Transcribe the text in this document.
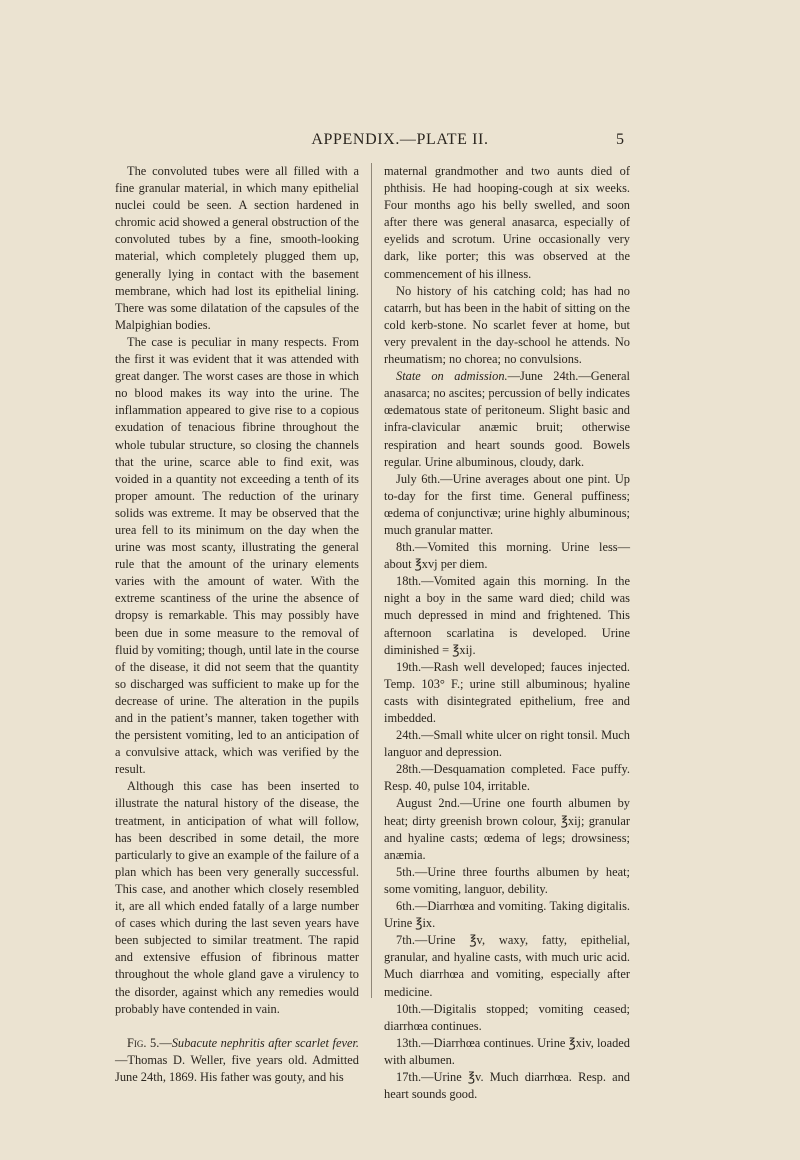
APPENDIX.—PLATE II.	5

The convoluted tubes were all filled with a fine granular material, in which many epithelial nuclei could be seen. A section hardened in chromic acid showed a general obstruction of the convoluted tubes by a fine, smooth-looking material, which completely plugged them up, generally lying in contact with the basement membrane, which had lost its epithelial lining. There was some dilatation of the capsules of the Malpighian bodies.

The case is peculiar in many respects. From the first it was evident that it was attended with great danger. The worst cases are those in which no blood makes its way into the urine. The inflammation appeared to give rise to a copious exudation of tenacious fibrine throughout the whole tubular structure, so closing the channels that the urine, scarce able to find exit, was voided in a quantity not exceeding a tenth of its proper amount. The reduction of the urinary solids was extreme. It may be observed that the urea fell to its minimum on the day when the urine was most scanty, illustrating the general rule that the amount of the urinary elements varies with the amount of water. With the extreme scantiness of the urine the absence of dropsy is remarkable. This may possibly have been due in some measure to the removal of fluid by vomiting; though, until late in the course of the disease, it did not seem that the quantity so discharged was sufficient to make up for the decrease of urine. The alteration in the pupils and in the patient’s manner, taken together with the persistent vomiting, led to an anticipation of a convulsive attack, which was verified by the result.

Although this case has been inserted to illustrate the natural history of the disease, the treatment, in anticipation of what will follow, has been described in some detail, the more particularly to give an example of the failure of a plan which has been very generally successful. This case, and another which closely resembled it, are all which ended fatally of a large number of cases which during the last seven years have been subjected to similar treatment. The rapid and extensive effusion of fibrinous matter throughout the whole gland gave a virulency to the disorder, against which any remedies would probably have contended in vain.

Fig. 5.—Subacute nephritis after scarlet fever.—Thomas D. Weller, five years old. Admitted June 24th, 1869. His father was gouty, and his

maternal grandmother and two aunts died of phthisis. He had hooping-cough at six weeks. Four months ago his belly swelled, and soon after there was general anasarca, especially of eyelids and scrotum. Urine occasionally very dark, like porter; this was observed at the commencement of his illness.

No history of his catching cold; has had no catarrh, but has been in the habit of sitting on the cold kerb-stone. No scarlet fever at home, but very prevalent in the day-school he attends. No rheumatism; no chorea; no convulsions.

State on admission.—June 24th.—General anasarca; no ascites; percussion of belly indicates œdematous state of peritoneum. Slight basic and infra-clavicular anæmic bruit; otherwise respiration and heart sounds good. Bowels regular. Urine albuminous, cloudy, dark.

July 6th.—Urine averages about one pint. Up to-day for the first time. General puffiness; œdema of conjunctivæ; urine highly albuminous; much granular matter.

8th.—Vomited this morning. Urine less—about ℥xvj per diem.

18th.—Vomited again this morning. In the night a boy in the same ward died; child was much depressed in mind and frightened. This afternoon scarlatina is developed. Urine diminished = ℥xij.

19th.—Rash well developed; fauces injected. Temp. 103° F.; urine still albuminous; hyaline casts with disintegrated epithelium, free and imbedded.

24th.—Small white ulcer on right tonsil. Much languor and depression.

28th.—Desquamation completed. Face puffy. Resp. 40, pulse 104, irritable.

August 2nd.—Urine one fourth albumen by heat; dirty greenish brown colour, ℥xij; granular and hyaline casts; œdema of legs; drowsiness; anæmia.

5th.—Urine three fourths albumen by heat; some vomiting, languor, debility.

6th.—Diarrhœa and vomiting. Taking digitalis. Urine ℥ix.

7th.—Urine ℥v, waxy, fatty, epithelial, granular, and hyaline casts, with much uric acid. Much diarrhœa and vomiting, especially after medicine.

10th.—Digitalis stopped; vomiting ceased; diarrhœa continues.

13th.—Diarrhœa continues. Urine ℥xiv, loaded with albumen.

17th.—Urine ℥v. Much diarrhœa. Resp. and heart sounds good.
